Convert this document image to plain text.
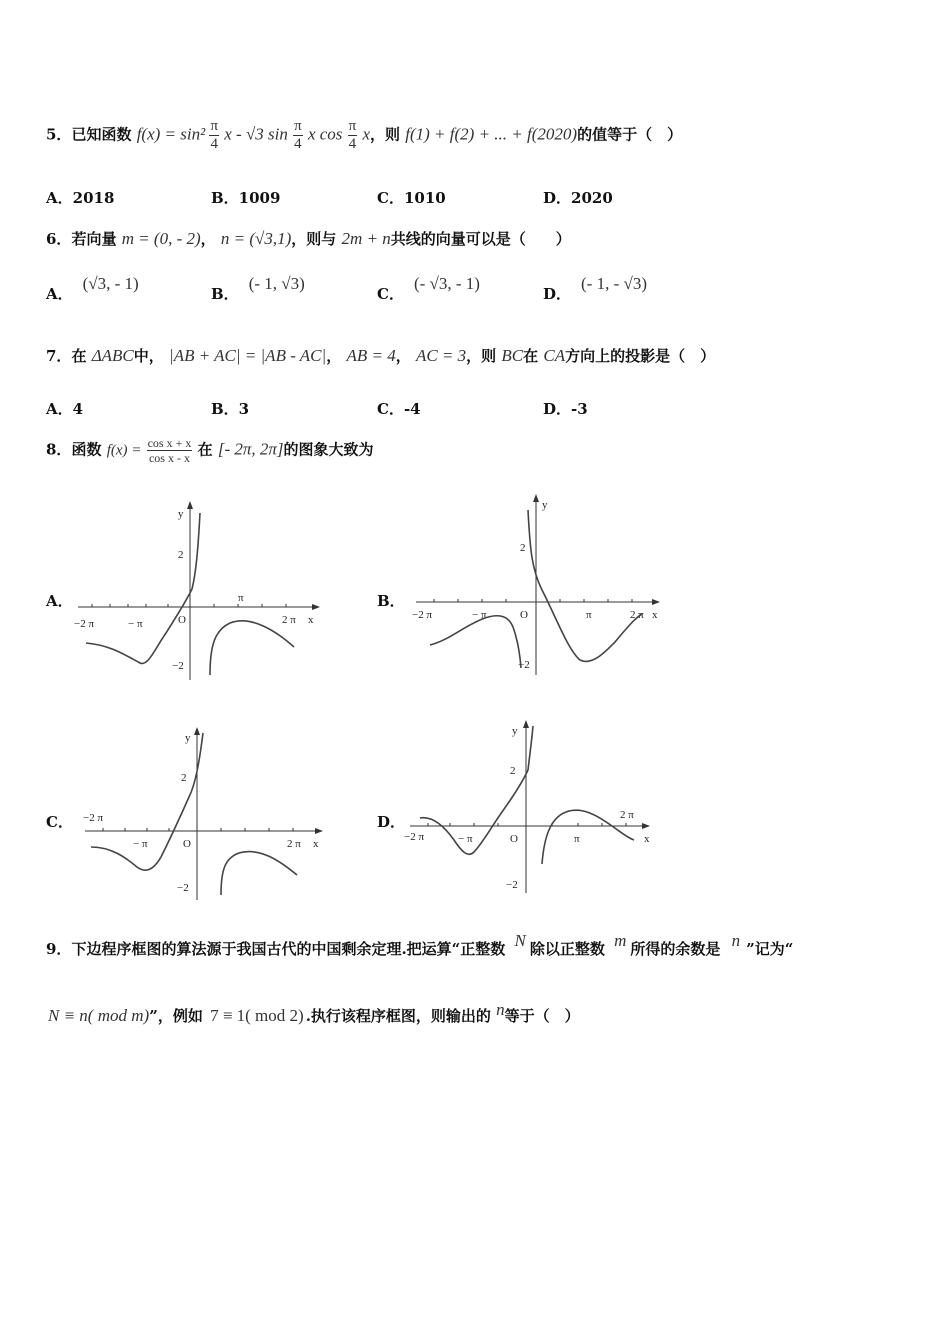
5．已知函数 $f(x) = \sin^2 \frac{\pi}{4}$ x - √3 $\sin \frac{\pi}{4}$ x $\cos \frac{\pi}{4}$ x，则 f(1) + f(2) + ... + f(2020)的值等于（　）
A．2018	B．1009	C．1010	D．2020
6．若向量 m = (0, - 2)， n = (√3,1)，则与 2m + n共线的向量可以是（　　）
A．(√3, - 1)
B．(- 1, √3)
C．(- √3, - 1)
D．(- 1, - √3)
7．在 ΔABC中， |AB + AC| = |AB - AC|， AB = 4， AC = 3，则 BC在 CA方向上的投影是（　）
A．4	B．3	C．-4	D．-3
8．函数 $f(x) = \frac{\text{cos x + x}}{\text{cos x - x}}$ 在 [- 2π, 2π]的图象大致为
A．
y
2
−2
O
π
− π
−2 π	2 π x
B．
y
2
−2
O	π
− π
−2 π	2 π x
C．
y
2
−2
O
− π
−2 π
2 π x
D．
y
2
−2
O	π
− π
−2 π
2 π
x
9．下边程序框图的算法源于我国古代的中国剩余定理.把运算“正整数 N 除以正整数 m 所得的余数是 n ”记为“
N ≡ n( mod m)”，例如 7 ≡ 1( mod 2) .执行该程序框图，则输出的 n等于（　）
